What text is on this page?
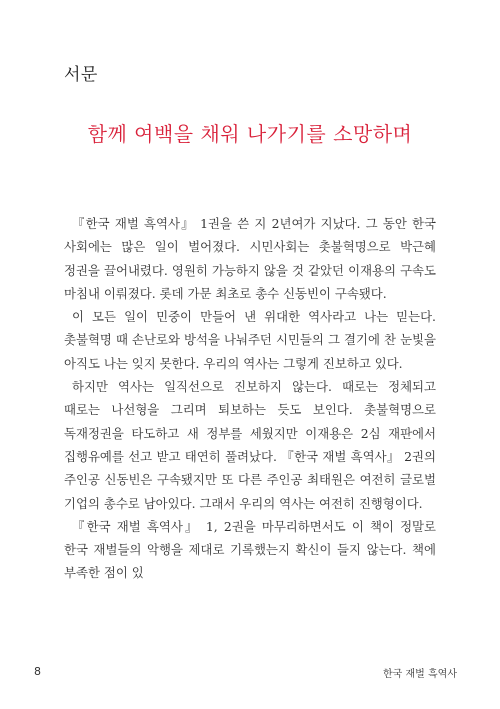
서문
함께 여백을 채워 나가기를 소망하며

『한국 재벌 흑역사』 1권을 쓴 지 2년여가 지났다. 그 동안 한국 사회에는 많은 일이 벌어졌다. 시민사회는 촛불혁명으로 박근혜 정권을 끌어내렸다. 영원히 가능하지 않을 것 같았던 이재용의 구속도 마침내 이뤄졌다. 롯데 가문 최초로 총수 신동빈이 구속됐다.

이 모든 일이 민중이 만들어 낸 위대한 역사라고 나는 믿는다. 촛불혁명 때 손난로와 방석을 나눠주던 시민들의 그 결기에 찬 눈빛을 아직도 나는 잊지 못한다. 우리의 역사는 그렇게 진보하고 있다.

하지만 역사는 일직선으로 진보하지 않는다. 때로는 정체되고 때로는 나선형을 그리며 퇴보하는 듯도 보인다. 촛불혁명으로 독재정권을 타도하고 새 정부를 세웠지만 이재용은 2심 재판에서 집행유예를 선고 받고 태연히 풀려났다. 『한국 재벌 흑역사』 2권의 주인공 신동빈은 구속됐지만 또 다른 주인공 최태원은 여전히 글로벌 기업의 총수로 남아있다. 그래서 우리의 역사는 여전히 진행형이다.

『한국 재벌 흑역사』 1, 2권을 마무리하면서도 이 책이 정말로 한국 재벌들의 악행을 제대로 기록했는지 확신이 들지 않는다. 책에 부족한 점이 있

8	한국 재벌 흑역사
